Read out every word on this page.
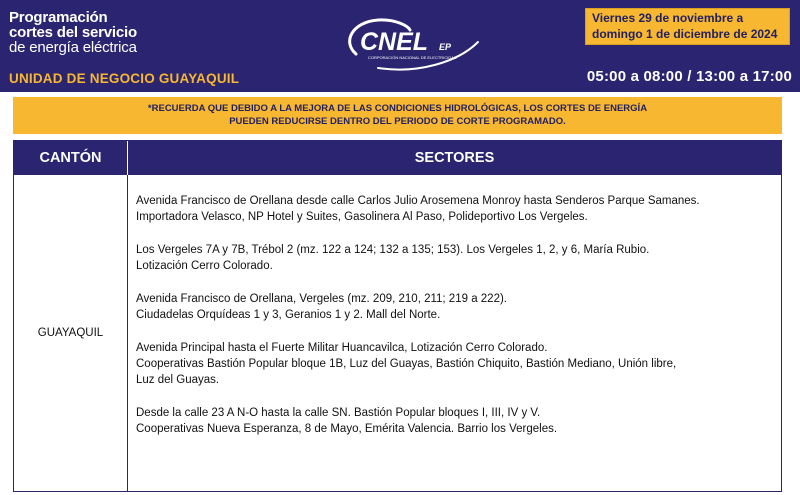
Programación
cortes del servicio
de energía eléctrica
UNIDAD DE NEGOCIO GUAYAQUIL
CNEL EP
CORPORACIÓN NACIONAL DE ELECTRICIDAD
Viernes 29 de noviembre a
domingo 1 de diciembre de 2024
05:00 a 08:00 / 13:00 a 17:00
*RECUERDA QUE DEBIDO A LA MEJORA DE LAS CONDICIONES HIDROLÓGICAS, LOS CORTES DE ENERGÍA
PUEDEN REDUCIRSE DENTRO DEL PERIODO DE CORTE PROGRAMADO.
CANTÓN	SECTORES
GUAYAQUIL
Avenida Francisco de Orellana desde calle Carlos Julio Arosemena Monroy hasta Senderos Parque Samanes.
Importadora Velasco, NP Hotel y Suites, Gasolinera Al Paso, Polideportivo Los Vergeles.
Los Vergeles 7A y 7B, Trébol 2 (mz. 122 a 124; 132 a 135; 153). Los Vergeles 1, 2, y 6, María Rubio.
Lotización Cerro Colorado.
Avenida Francisco de Orellana, Vergeles (mz. 209, 210, 211; 219 a 222).
Ciudadelas Orquídeas 1 y 3, Geranios 1 y 2. Mall del Norte.
Avenida Principal hasta el Fuerte Militar Huancavilca, Lotización Cerro Colorado.
Cooperativas Bastión Popular bloque 1B, Luz del Guayas, Bastión Chiquito, Bastión Mediano, Unión libre,
Luz del Guayas.
Desde la calle 23 A N-O hasta la calle SN. Bastión Popular bloques I, III, IV y V.
Cooperativas Nueva Esperanza, 8 de Mayo, Emérita Valencia. Barrio los Vergeles.
